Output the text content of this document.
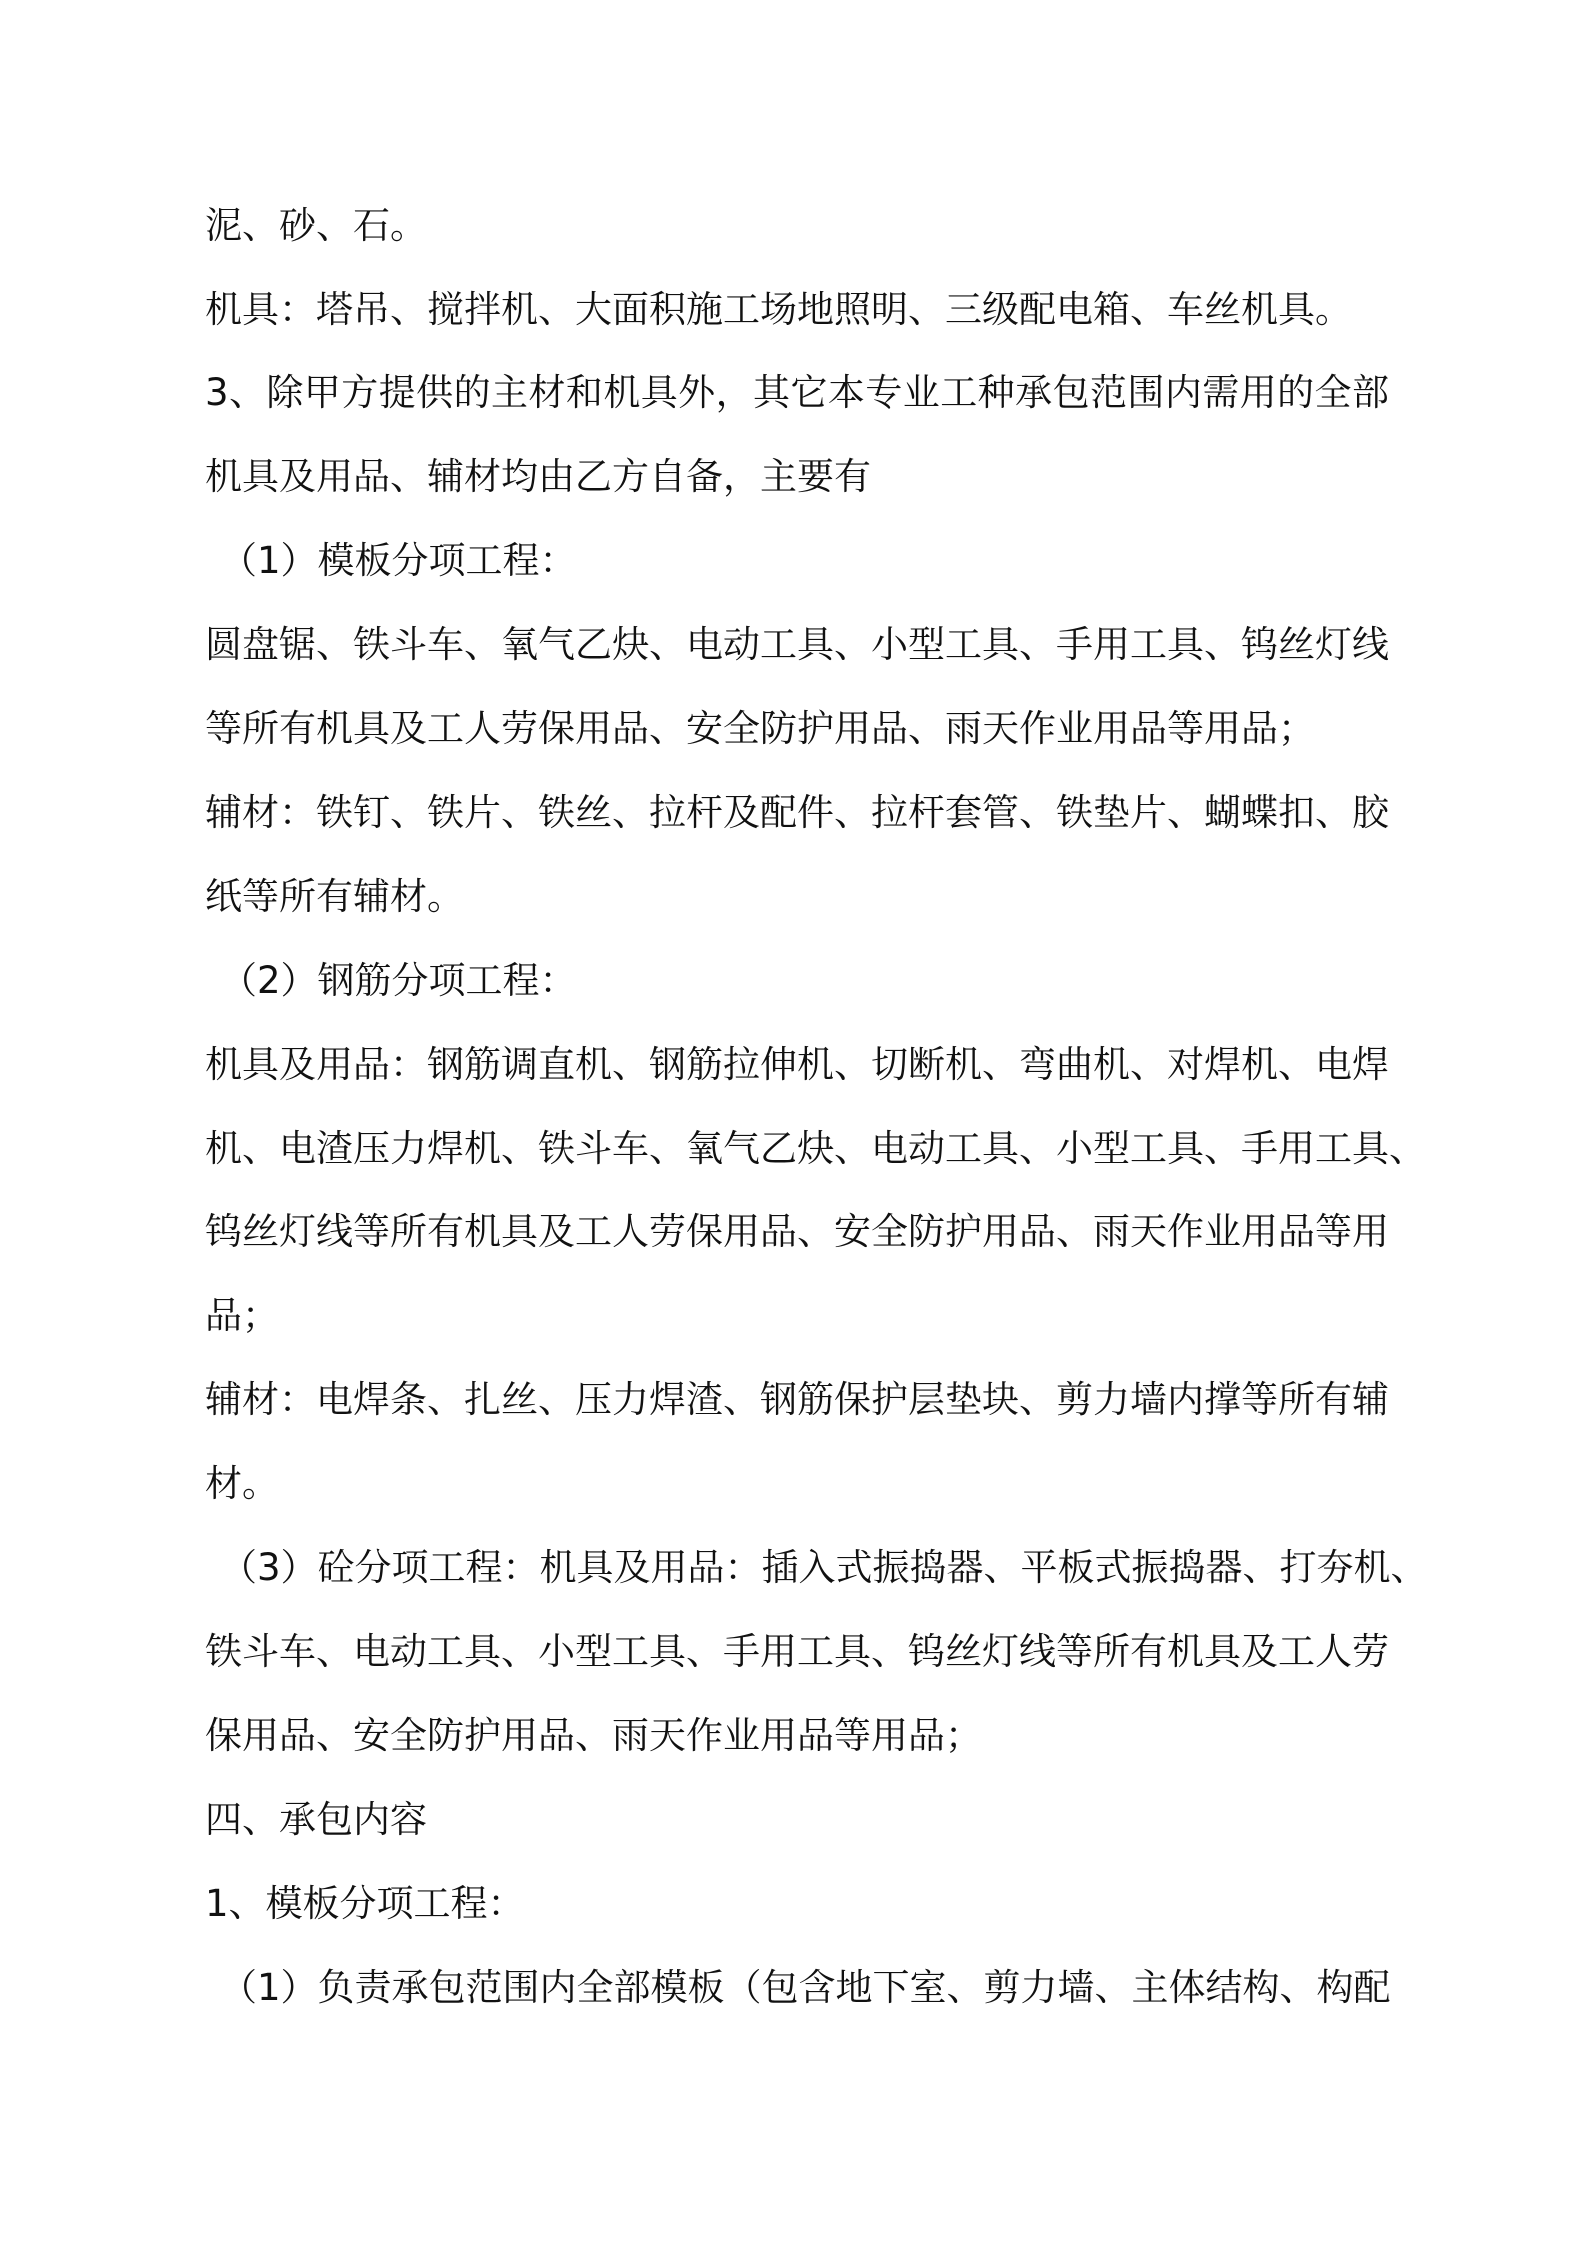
泥、砂、石。
机具：塔吊、搅拌机、大面积施工场地照明、三级配电箱、车丝机具。
3、除甲方提供的主材和机具外，其它本专业工种承包范围内需用的全部
机具及用品、辅材均由乙方自备，主要有
（1）模板分项工程：
圆盘锯、铁斗车、氧气乙炔、电动工具、小型工具、手用工具、钨丝灯线
等所有机具及工人劳保用品、安全防护用品、雨天作业用品等用品；
辅材：铁钉、铁片、铁丝、拉杆及配件、拉杆套管、铁垫片、蝴蝶扣、胶
纸等所有辅材。
（2）钢筋分项工程：
机具及用品：钢筋调直机、钢筋拉伸机、切断机、弯曲机、对焊机、电焊
机、电渣压力焊机、铁斗车、氧气乙炔、电动工具、小型工具、手用工具、
钨丝灯线等所有机具及工人劳保用品、安全防护用品、雨天作业用品等用
品；
辅材：电焊条、扎丝、压力焊渣、钢筋保护层垫块、剪力墙内撑等所有辅
材。
（3）砼分项工程：机具及用品：插入式振捣器、平板式振捣器、打夯机、
铁斗车、电动工具、小型工具、手用工具、钨丝灯线等所有机具及工人劳
保用品、安全防护用品、雨天作业用品等用品；
四、承包内容
1、模板分项工程：
（1）负责承包范围内全部模板（包含地下室、剪力墙、主体结构、构配
